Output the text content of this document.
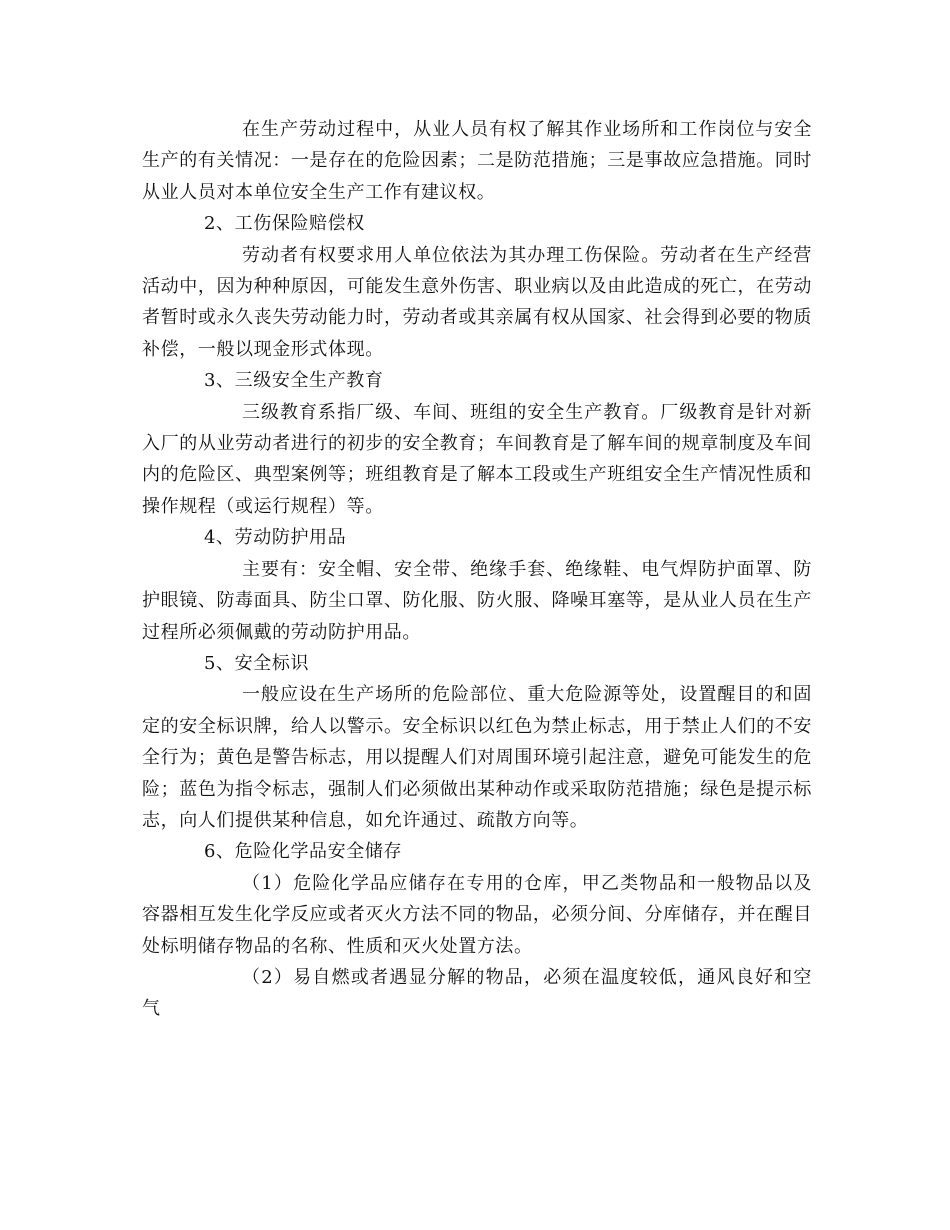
在生产劳动过程中，从业人员有权了解其作业场所和工作岗位与安全生产的有关情况：一是存在的危险因素；二是防范措施；三是事故应急措施。同时从业人员对本单位安全生产工作有建议权。

2、工伤保险赔偿权

劳动者有权要求用人单位依法为其办理工伤保险。劳动者在生产经营活动中，因为种种原因，可能发生意外伤害、职业病以及由此造成的死亡，在劳动者暂时或永久丧失劳动能力时，劳动者或其亲属有权从国家、社会得到必要的物质补偿，一般以现金形式体现。

3、三级安全生产教育

三级教育系指厂级、车间、班组的安全生产教育。厂级教育是针对新入厂的从业劳动者进行的初步的安全教育；车间教育是了解车间的规章制度及车间内的危险区、典型案例等；班组教育是了解本工段或生产班组安全生产情况性质和操作规程（或运行规程）等。

4、劳动防护用品

主要有：安全帽、安全带、绝缘手套、绝缘鞋、电气焊防护面罩、防护眼镜、防毒面具、防尘口罩、防化服、防火服、降噪耳塞等，是从业人员在生产过程所必须佩戴的劳动防护用品。

5、安全标识

一般应设在生产场所的危险部位、重大危险源等处，设置醒目的和固定的安全标识牌，给人以警示。安全标识以红色为禁止标志，用于禁止人们的不安全行为；黄色是警告标志，用以提醒人们对周围环境引起注意，避免可能发生的危险；蓝色为指令标志，强制人们必须做出某种动作或采取防范措施；绿色是提示标志，向人们提供某种信息，如允许通过、疏散方向等。

6、危险化学品安全储存

（1）危险化学品应储存在专用的仓库，甲乙类物品和一般物品以及容器相互发生化学反应或者灭火方法不同的物品，必须分间、分库储存，并在醒目处标明储存物品的名称、性质和灭火处置方法。

（2）易自燃或者遇显分解的物品，必须在温度较低，通风良好和空气
